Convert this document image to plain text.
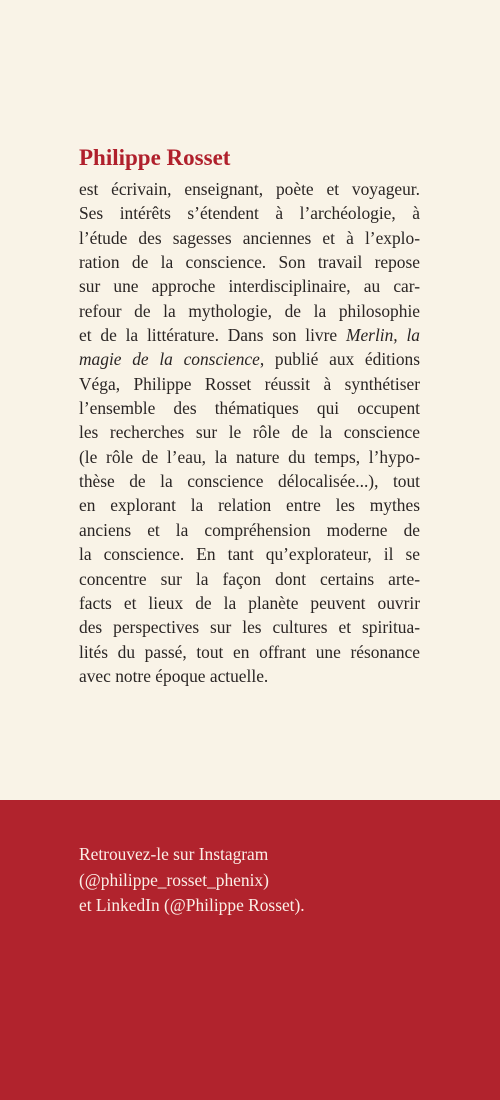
Philippe Rosset
est écrivain, enseignant, poète et voyageur.
Ses intérêts s’étendent à l’archéologie, à
l’étude des sagesses anciennes et à l’explo-
ration de la conscience. Son travail repose
sur une approche interdisciplinaire, au car-
refour de la mythologie, de la philosophie
et de la littérature. Dans son livre Merlin, la
magie de la conscience, publié aux éditions
Véga, Philippe Rosset réussit à synthétiser
l’ensemble des thématiques qui occupent
les recherches sur le rôle de la conscience
(le rôle de l’eau, la nature du temps, l’hypo-
thèse de la conscience délocalisée...), tout
en explorant la relation entre les mythes
anciens et la compréhension moderne de
la conscience. En tant qu’explorateur, il se
concentre sur la façon dont certains arte-
facts et lieux de la planète peuvent ouvrir
des perspectives sur les cultures et spiritua-
lités du passé, tout en offrant une résonance
avec notre époque actuelle.

Retrouvez-le sur Instagram
(@philippe_rosset_phenix)
et LinkedIn (@Philippe Rosset).
